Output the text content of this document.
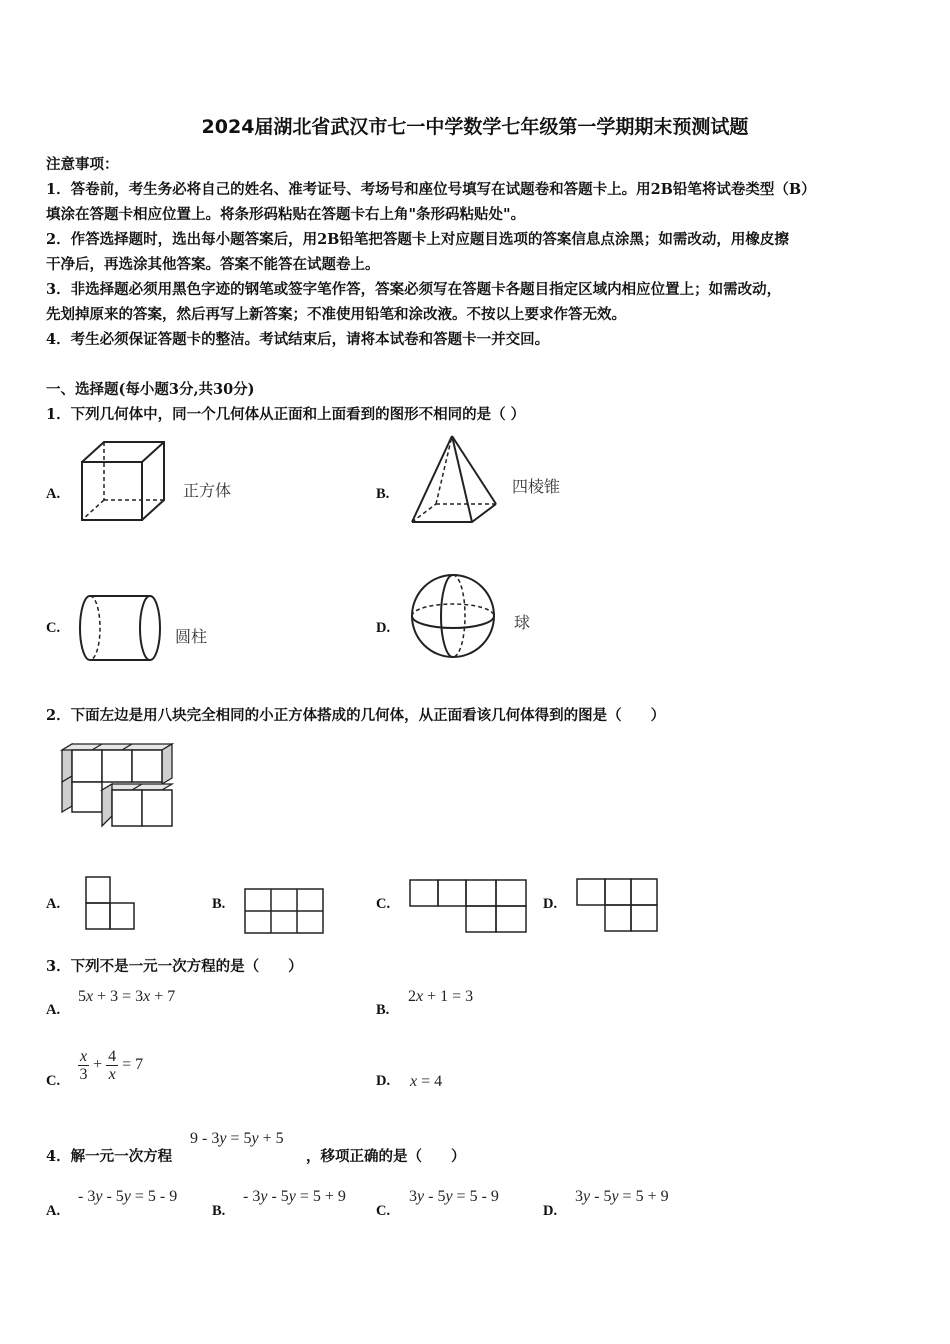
2024届湖北省武汉市七一中学数学七年级第一学期期末预测试题
注意事项：
1．答卷前，考生务必将自己的姓名、准考证号、考场号和座位号填写在试题卷和答题卡上。用2B铅笔将试卷类型（B）
填涂在答题卡相应位置上。将条形码粘贴在答题卡右上角"条形码粘贴处"。
2．作答选择题时，选出每小题答案后，用2B铅笔把答题卡上对应题目选项的答案信息点涂黑；如需改动，用橡皮擦
干净后，再选涂其他答案。答案不能答在试题卷上。
3．非选择题必须用黑色字迹的钢笔或签字笔作答，答案必须写在答题卡各题目指定区域内相应位置上；如需改动，
先划掉原来的答案，然后再写上新答案；不准使用铅笔和涂改液。不按以上要求作答无效。
4．考生必须保证答题卡的整洁。考试结束后，请将本试卷和答题卡一并交回。
一、选择题(每小题3分,共30分)
1．下列几何体中，同一个几何体从正面和上面看到的图形不相同的是（ ）
A.	正方体	B.	四棱锥
C.	圆柱	D.	球
2．下面左边是用八块完全相同的小正方体搭成的几何体，从正面看该几何体得到的图是（　　）
A.	B.	C.	D.
3．下列不是一元一次方程的是（　　）
A.
5x + 3 = 3x + 7
B.
2x + 1 = 3
C. $\frac{x}{3} + \frac{4}{x} = 7$
D. x = 4
4．解一元一次方程
9 - 3y = 5y + 5
，移项正确的是（　　）
A.
- 3y - 5y = 5 - 9
B.
- 3y - 5y = 5 + 9
C.
3y - 5y = 5 - 9
D.
3y - 5y = 5 + 9
